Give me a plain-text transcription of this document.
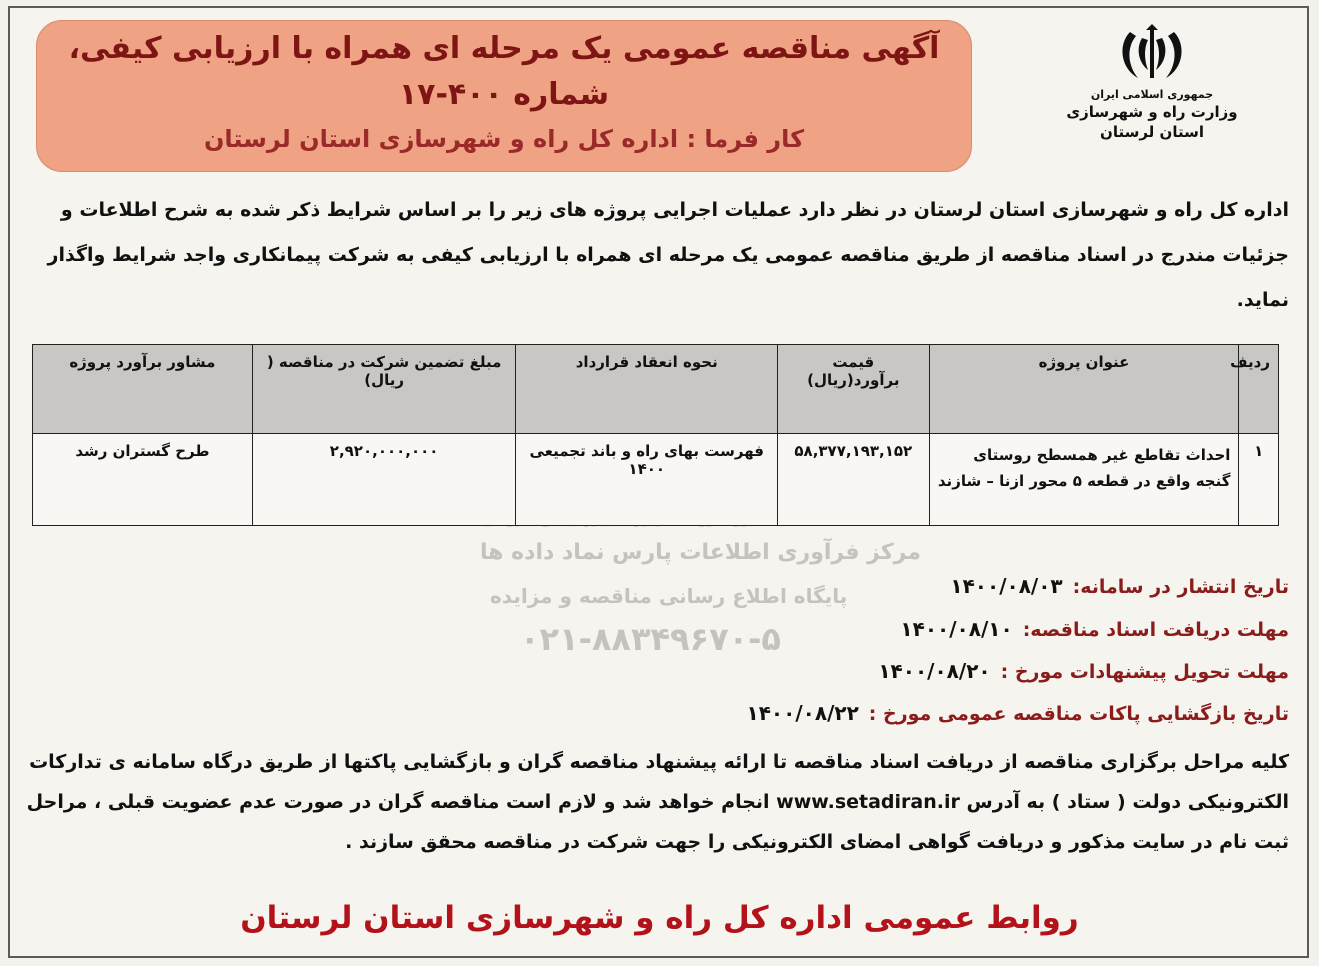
آگهی مناقصه عمومی یک مرحله ای همراه با ارزیابی کیفی،
شماره ۴۰۰-۱۷
کار فرما : اداره کل راه و شهرسازی استان لرستان
جمهوری اسلامی ایران
وزارت راه و شهرسازی
استان لرستان
اداره کل راه و شهرسازی استان لرستان در نظر دارد عملیات اجرایی پروژه های زیر را بر اساس شرایط ذکر شده به شرح اطلاعات و جزئیات مندرج در اسناد مناقصه از طریق مناقصه عمومی یک مرحله ای همراه با ارزیابی کیفی به شرکت پیمانکاری واجد شرایط واگذار نماید.
مرکز فرآوری اطلاعات پارس نماد داده ها
پایگاه اطلاع رسانی مناقصه و مزایده
۰۲۱-۸۸۳۴۹۶۷۰-۵
ردیف	عنوان پروژه	قیمت برآورد(ریال)	نحوه انعقاد قرارداد	مبلغ تضمین شرکت در مناقصه ( ریال)	مشاور برآورد پروژه
۱	احداث تقاطع غیر همسطح روستای گنجه واقع در قطعه ۵ محور ازنا – شازند	۵۸,۳۷۷,۱۹۳,۱۵۲	فهرست بهای راه و باند تجمیعی ۱۴۰۰	۲,۹۲۰,۰۰۰,۰۰۰	طرح گستران رشد
تاریخ انتشار در سامانه:۱۴۰۰/۰۸/۰۳
مهلت دریافت اسناد مناقصه:۱۴۰۰/۰۸/۱۰
مهلت تحویل پیشنهادات مورخ :۱۴۰۰/۰۸/۲۰
تاریخ بازگشایی پاکات مناقصه عمومی مورخ :۱۴۰۰/۰۸/۲۲
کلیه مراحل برگزاری مناقصه از دریافت اسناد مناقصه تا ارائه پیشنهاد مناقصه گران و بازگشایی پاکتها از طریق درگاه سامانه ی تدارکات الکترونیکی دولت ( ستاد ) به آدرس www.setadiran.ir انجام خواهد شد و لازم است مناقصه گران در صورت عدم عضویت قبلی ، مراحل ثبت نام در سایت مذکور و دریافت گواهی امضای الکترونیکی را جهت شرکت در مناقصه محقق سازند .
روابط عمومی اداره کل راه و شهرسازی استان لرستان
